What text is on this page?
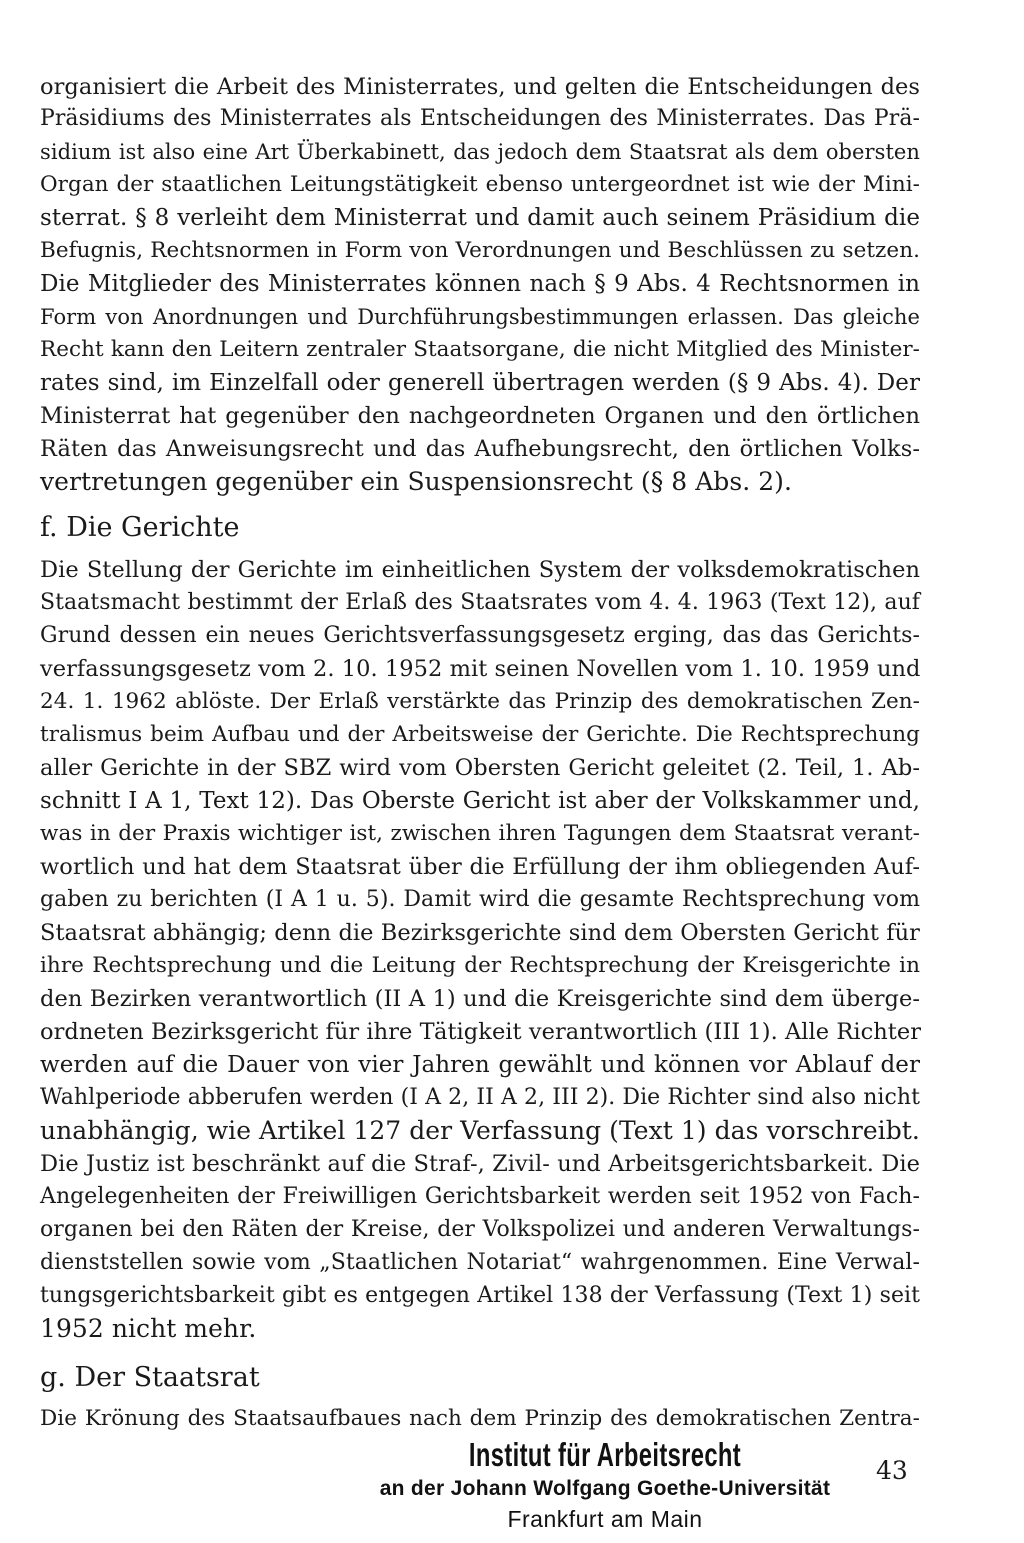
organisiert die Arbeit des Ministerrates, und gelten die Entscheidungen des
Präsidiums des Ministerrates als Entscheidungen des Ministerrates. Das Prä-
sidium ist also eine Art Überkabinett, das jedoch dem Staatsrat als dem obersten
Organ der staatlichen Leitungstätigkeit ebenso untergeordnet ist wie der Mini-
sterrat. § 8 verleiht dem Ministerrat und damit auch seinem Präsidium die
Befugnis, Rechtsnormen in Form von Verordnungen und Beschlüssen zu setzen.
Die Mitglieder des Ministerrates können nach § 9 Abs. 4 Rechtsnormen in
Form von Anordnungen und Durchführungsbestimmungen erlassen. Das gleiche
Recht kann den Leitern zentraler Staatsorgane, die nicht Mitglied des Minister-
rates sind, im Einzelfall oder generell übertragen werden (§ 9 Abs. 4). Der
Ministerrat hat gegenüber den nachgeordneten Organen und den örtlichen
Räten das Anweisungsrecht und das Aufhebungsrecht, den örtlichen Volks-
vertretungen gegenüber ein Suspensionsrecht (§ 8 Abs. 2).
f. Die Gerichte
Die Stellung der Gerichte im einheitlichen System der volksdemokratischen
Staatsmacht bestimmt der Erlaß des Staatsrates vom 4. 4. 1963 (Text 12), auf
Grund dessen ein neues Gerichtsverfassungsgesetz erging, das das Gerichts-
verfassungsgesetz vom 2. 10. 1952 mit seinen Novellen vom 1. 10. 1959 und
24. 1. 1962 ablöste. Der Erlaß verstärkte das Prinzip des demokratischen Zen-
tralismus beim Aufbau und der Arbeitsweise der Gerichte. Die Rechtsprechung
aller Gerichte in der SBZ wird vom Obersten Gericht geleitet (2. Teil, 1. Ab-
schnitt I A 1, Text 12). Das Oberste Gericht ist aber der Volkskammer und,
was in der Praxis wichtiger ist, zwischen ihren Tagungen dem Staatsrat verant-
wortlich und hat dem Staatsrat über die Erfüllung der ihm obliegenden Auf-
gaben zu berichten (I A 1 u. 5). Damit wird die gesamte Rechtsprechung vom
Staatsrat abhängig; denn die Bezirksgerichte sind dem Obersten Gericht für
ihre Rechtsprechung und die Leitung der Rechtsprechung der Kreisgerichte in
den Bezirken verantwortlich (II A 1) und die Kreisgerichte sind dem überge-
ordneten Bezirksgericht für ihre Tätigkeit verantwortlich (III 1). Alle Richter
werden auf die Dauer von vier Jahren gewählt und können vor Ablauf der
Wahlperiode abberufen werden (I A 2, II A 2, III 2). Die Richter sind also nicht
unabhängig, wie Artikel 127 der Verfassung (Text 1) das vorschreibt.
Die Justiz ist beschränkt auf die Straf-, Zivil- und Arbeitsgerichtsbarkeit. Die
Angelegenheiten der Freiwilligen Gerichtsbarkeit werden seit 1952 von Fach-
organen bei den Räten der Kreise, der Volkspolizei und anderen Verwaltungs-
dienststellen sowie vom „Staatlichen Notariat“ wahrgenommen. Eine Verwal-
tungsgerichtsbarkeit gibt es entgegen Artikel 138 der Verfassung (Text 1) seit
1952 nicht mehr.
g. Der Staatsrat
Die Krönung des Staatsaufbaues nach dem Prinzip des demokratischen Zentra-
Institut für Arbeitsrecht
an der Johann Wolfgang Goethe-Universität
Frankfurt am Main
43
